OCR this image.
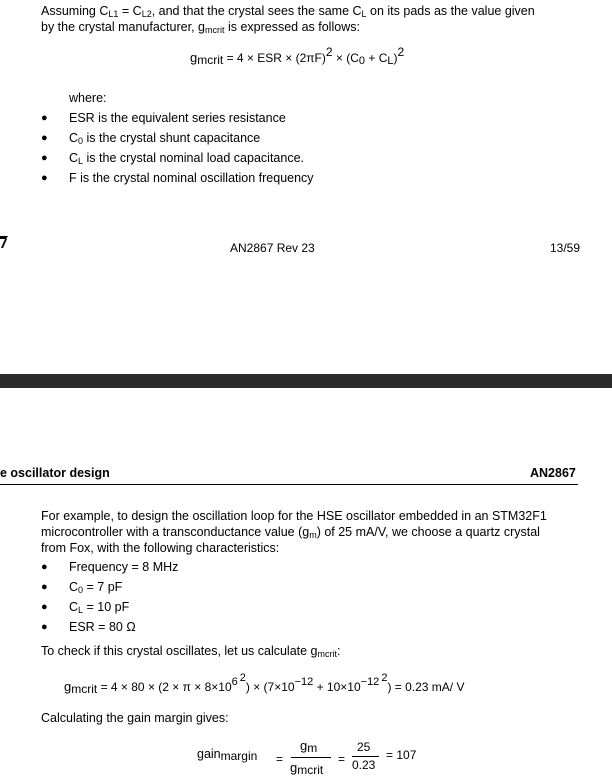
Assuming $C_{L1} = C_{L2}$, and that the crystal sees the same $C_L$ on its pads as the value given
by the crystal manufacturer, $g_{mcrit}$ is expressed as follows:
$g_{mcrit} = 4$ × ESR × $(2\pi F)^2 \times (C_0 + C_L)^2$
where:
● ESR is the equivalent series resistance
● $C_0$ is the crystal shunt capacitance
● $C_L$ is the crystal nominal load capacitance.
● F is the crystal nominal oscillation frequency
AN2867 Rev 23	13/59
e oscillator design	AN2867
For example, to design the oscillation loop for the HSE oscillator embedded in an STM32F1
microcontroller with a transconductance value $(g_m)$ of 25 mA/V, we choose a quartz crystal
from Fox, with the following characteristics:
● Frequency = 8 MHz
● $C_0 = 7$ pF
● $C_L = 10$ pF
● ESR = 80 Ω
To check if this crystal oscillates, let us calculate $g_{mcrit}$:
$g_{mcrit} = 4 \times 80 \times (2 \times \pi \times 8\times 10^6$ $^2) \times (7\times 10^{-12} + 10\times 10^{-12}$ $^2$) = 0.23 mA/ V
Calculating the gain margin gives:
gain$_{margin}$ =
$g_m$
$g_{mcrit}$
=
25
0.23
= 107
